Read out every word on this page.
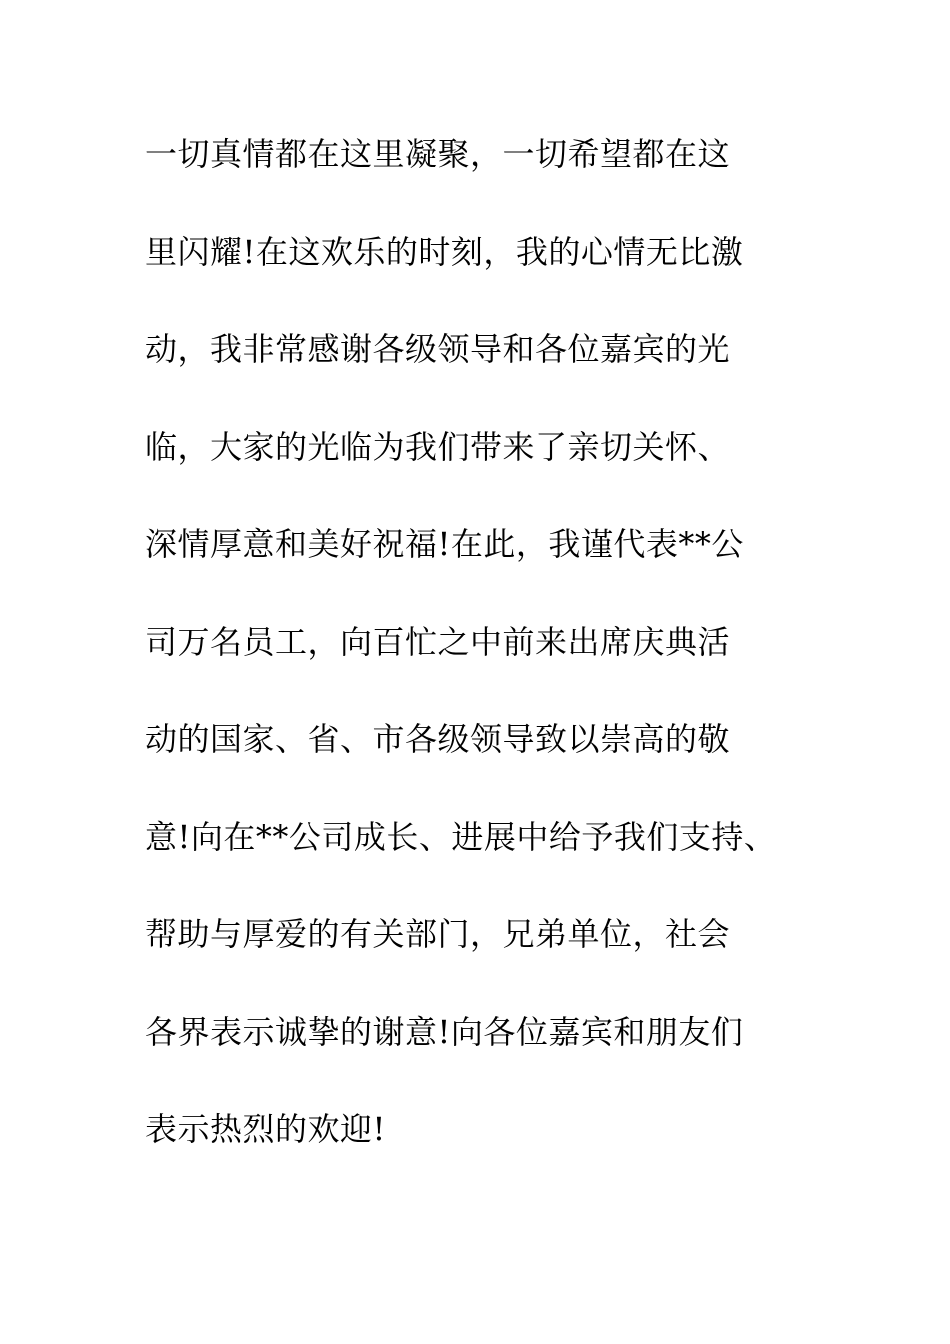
一切真情都在这里凝聚，一切希望都在这
里闪耀!在这欢乐的时刻，我的心情无比激
动，我非常感谢各级领导和各位嘉宾的光
临，大家的光临为我们带来了亲切关怀、
深情厚意和美好祝福!在此，我谨代表**公
司万名员工，向百忙之中前来出席庆典活
动的国家、省、市各级领导致以崇高的敬
意!向在**公司成长、进展中给予我们支持、
帮助与厚爱的有关部门，兄弟单位，社会
各界表示诚挚的谢意!向各位嘉宾和朋友们
表示热烈的欢迎!
